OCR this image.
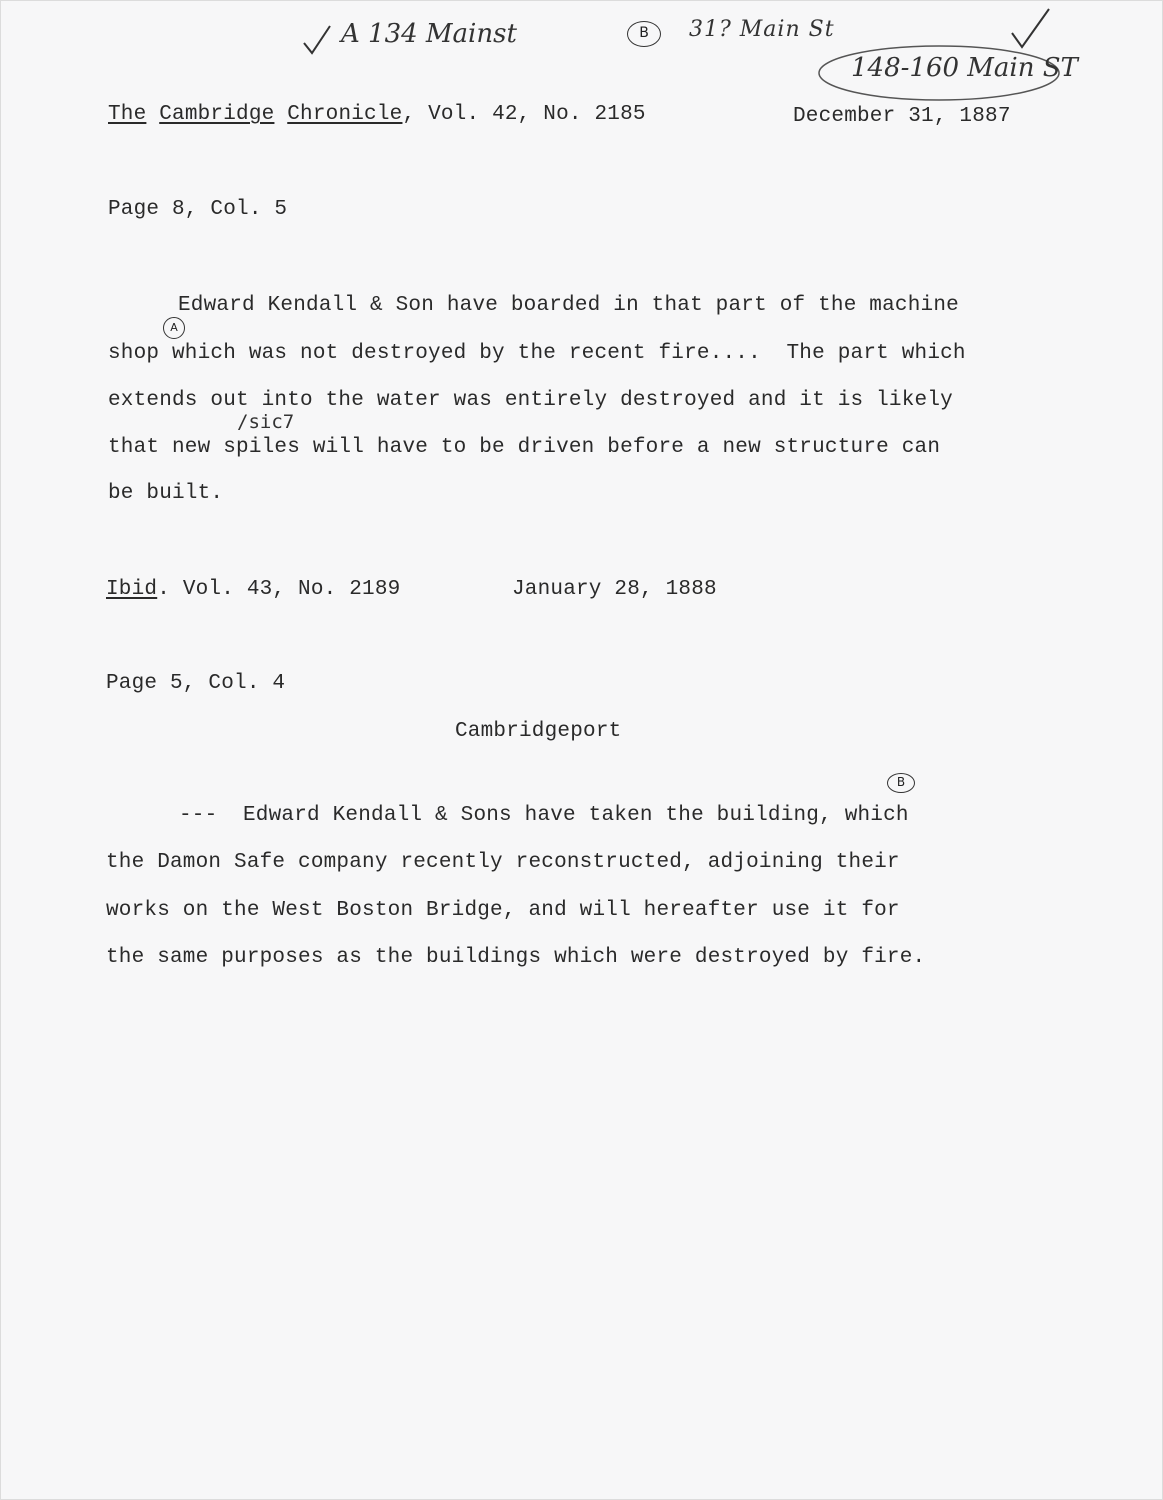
A 134 Mainst	B	31? Main St
148-160 Main ST
The Cambridge Chronicle, Vol. 42, No. 2185	December 31, 1887
Page 8, Col. 5
A
/sic7
Edward Kendall & Son have boarded in that part of the machine
shop which was not destroyed by the recent fire....  The part which
extends out into the water was entirely destroyed and it is likely
that new spiles will have to be driven before a new structure can
be built.
Ibid. Vol. 43, No. 2189	January 28, 1888
Page 5, Col. 4
Cambridgeport
B
---  Edward Kendall & Sons have taken the building, which
the Damon Safe company recently reconstructed, adjoining their
works on the West Boston Bridge, and will hereafter use it for
the same purposes as the buildings which were destroyed by fire.
